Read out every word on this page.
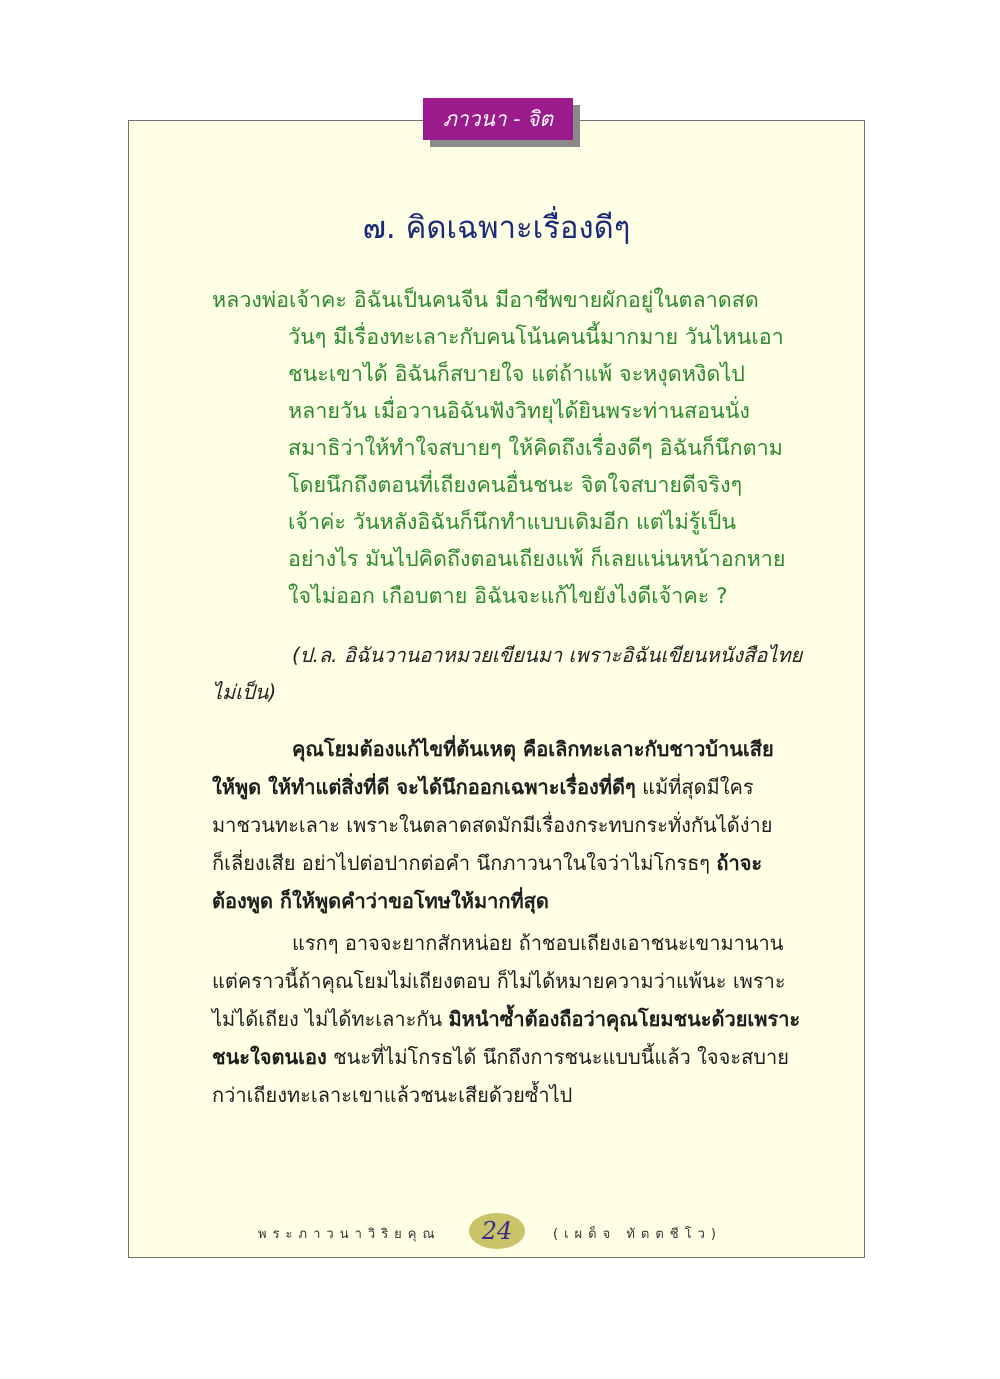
ภาวนา - จิต
๗. คิดเฉพาะเรื่องดีๆ
หลวงพ่อเจ้าคะ อิฉันเป็นคนจีน มีอาชีพขายผักอยู่ในตลาดสด
วันๆ มีเรื่องทะเลาะกับคนโน้นคนนี้มากมาย วันไหนเอา
ชนะเขาได้ อิฉันก็สบายใจ แต่ถ้าแพ้ จะหงุดหงิดไป
หลายวัน เมื่อวานอิฉันฟังวิทยุได้ยินพระท่านสอนนั่ง
สมาธิว่าให้ทำใจสบายๆ ให้คิดถึงเรื่องดีๆ อิฉันก็นึกตาม
โดยนึกถึงตอนที่เถียงคนอื่นชนะ จิตใจสบายดีจริงๆ
เจ้าค่ะ วันหลังอิฉันก็นึกทำแบบเดิมอีก แต่ไม่รู้เป็น
อย่างไร มันไปคิดถึงตอนเถียงแพ้ ก็เลยแน่นหน้าอกหาย
ใจไม่ออก เกือบตาย อิฉันจะแก้ไขยังไงดีเจ้าคะ ?
(ป.ล. อิฉันวานอาหมวยเขียนมา เพราะอิฉันเขียนหนังสือไทย
ไม่เป็น)
คุณโยมต้องแก้ไขที่ต้นเหตุ คือเลิกทะเลาะกับชาวบ้านเสีย
ให้พูด ให้ทำแต่สิ่งที่ดี จะได้นึกออกเฉพาะเรื่องที่ดีๆ แม้ที่สุดมีใคร
มาชวนทะเลาะ เพราะในตลาดสดมักมีเรื่องกระทบกระทั่งกันได้ง่าย
ก็เลี่ยงเสีย อย่าไปต่อปากต่อคำ นึกภาวนาในใจว่าไม่โกรธๆ ถ้าจะ
ต้องพูด ก็ให้พูดคำว่าขอโทษให้มากที่สุด
แรกๆ อาจจะยากสักหน่อย ถ้าชอบเถียงเอาชนะเขามานาน
แต่คราวนี้ถ้าคุณโยมไม่เถียงตอบ ก็ไม่ได้หมายความว่าแพ้นะ เพราะ
ไม่ได้เถียง ไม่ได้ทะเลาะกัน มิหนำซ้ำต้องถือว่าคุณโยมชนะด้วยเพราะ
ชนะใจตนเอง ชนะที่ไม่โกรธได้ นึกถึงการชนะแบบนี้แล้ว ใจจะสบาย
กว่าเถียงทะเลาะเขาแล้วชนะเสียด้วยซ้ำไป
พระภาวนาวิริยคุณ 24	(เผด็จ ทัตตชีโว)
